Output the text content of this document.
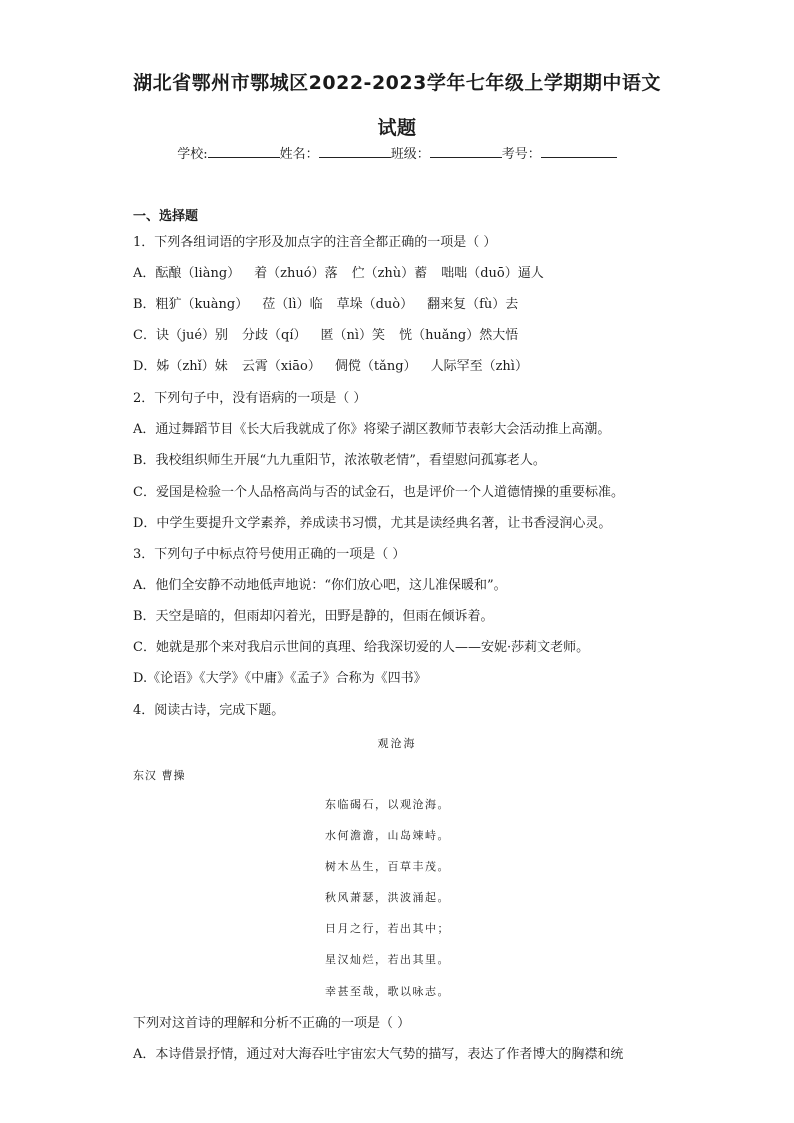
湖北省鄂州市鄂城区2022-2023学年七年级上学期期中语文
试题
学校:	姓名：	班级：	考号：
一、选择题
1．下列各组词语的字形及加点字的注音全都正确的一项是（ ）
A．酝酿（liàng） 着（zhuó）落 伫（zhù）蓄 咄咄（duō）逼人
B．粗犷（kuàng） 莅（lì）临 草垛（duò） 翻来复（fù）去
C．诀（jué）别 分歧（qí） 匿（nì）笑 恍（huǎng）然大悟
D．姊（zhǐ）妹 云霄（xiāo） 倜傥（tǎng） 人际罕至（zhì）
2．下列句子中，没有语病的一项是（ ）
A．通过舞蹈节目《长大后我就成了你》将梁子湖区教师节表彰大会活动推上高潮。
B．我校组织师生开展“九九重阳节，浓浓敬老情”，看望慰问孤寡老人。
C．爱国是检验一个人品格高尚与否的试金石，也是评价一个人道德情操的重要标准。
D．中学生要提升文学素养，养成读书习惯，尤其是读经典名著，让书香浸润心灵。
3．下列句子中标点符号使用正确的一项是（ ）
A．他们全安静不动地低声地说：“你们放心吧，这儿准保暖和”。
B．天空是暗的，但雨却闪着光，田野是静的，但雨在倾诉着。
C．她就是那个来对我启示世间的真理、给我深切爱的人——安妮·莎莉文老师。
D.《论语》《大学》《中庸》《孟子》合称为《四书》
4．阅读古诗，完成下题。
观沧海
东汉 曹操
东临碣石，以观沧海。
水何澹澹，山岛竦峙。
树木丛生，百草丰茂。
秋风萧瑟，洪波涌起。
日月之行，若出其中；
星汉灿烂，若出其里。
幸甚至哉，歌以咏志。
下列对这首诗的理解和分析不正确的一项是（ ）
A．本诗借景抒情，通过对大海吞吐宇宙宏大气势的描写，表达了作者博大的胸襟和统
